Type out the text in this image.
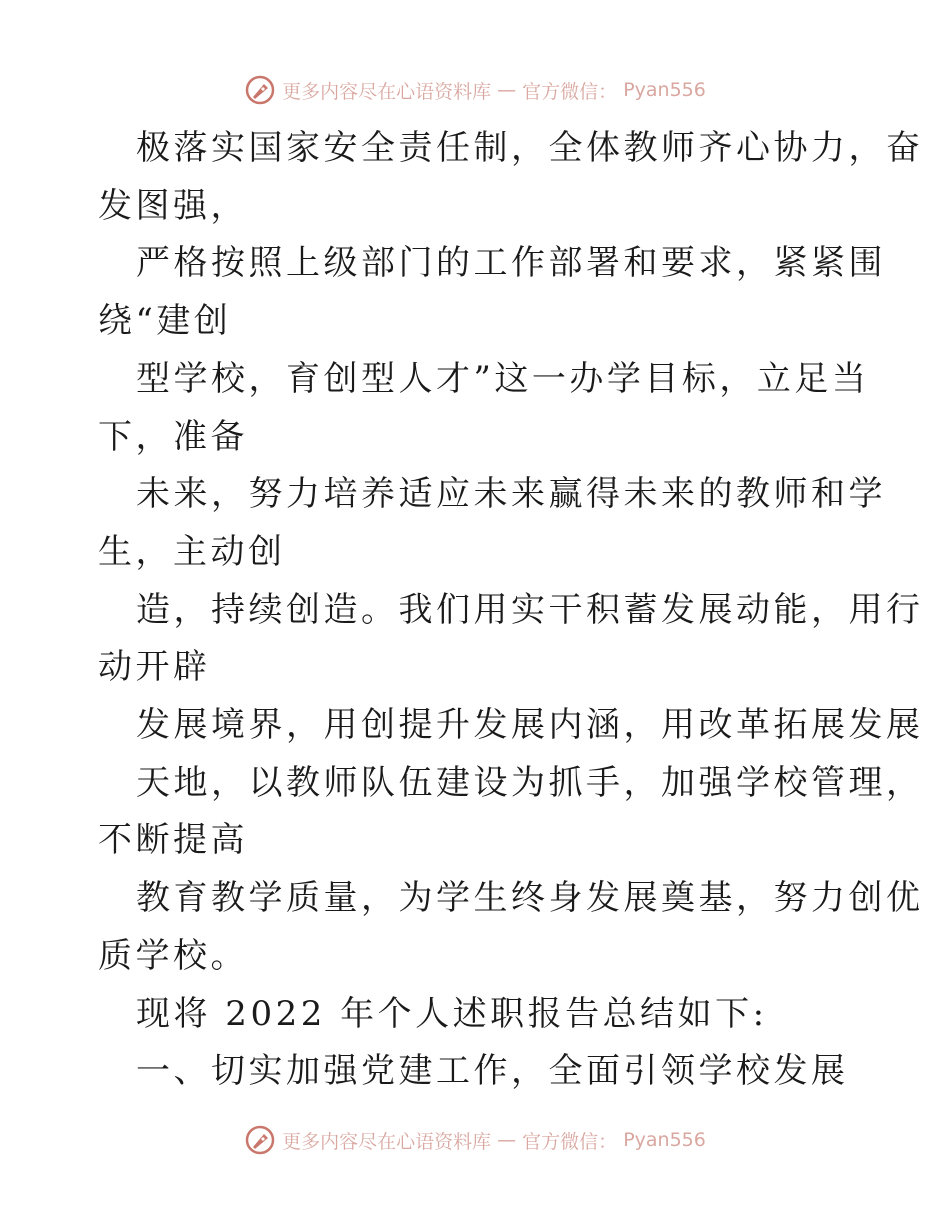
更多内容尽在心语资料库 — 官方微信： Pyan556
极落实国家安全责任制，全体教师齐心协力，奋
发图强，
严格按照上级部门的工作部署和要求，紧紧围
绕“建创
型学校，育创型人才”这一办学目标，立足当
下，准备
未来，努力培养适应未来赢得未来的教师和学
生，主动创
造，持续创造。我们用实干积蓄发展动能，用行
动开辟
发展境界，用创提升发展内涵，用改革拓展发展
天地，以教师队伍建设为抓手，加强学校管理，
不断提高
教育教学质量，为学生终身发展奠基，努力创优
质学校。
现将 2022 年个人述职报告总结如下:
一、切实加强党建工作，全面引领学校发展
更多内容尽在心语资料库 — 官方微信： Pyan556
